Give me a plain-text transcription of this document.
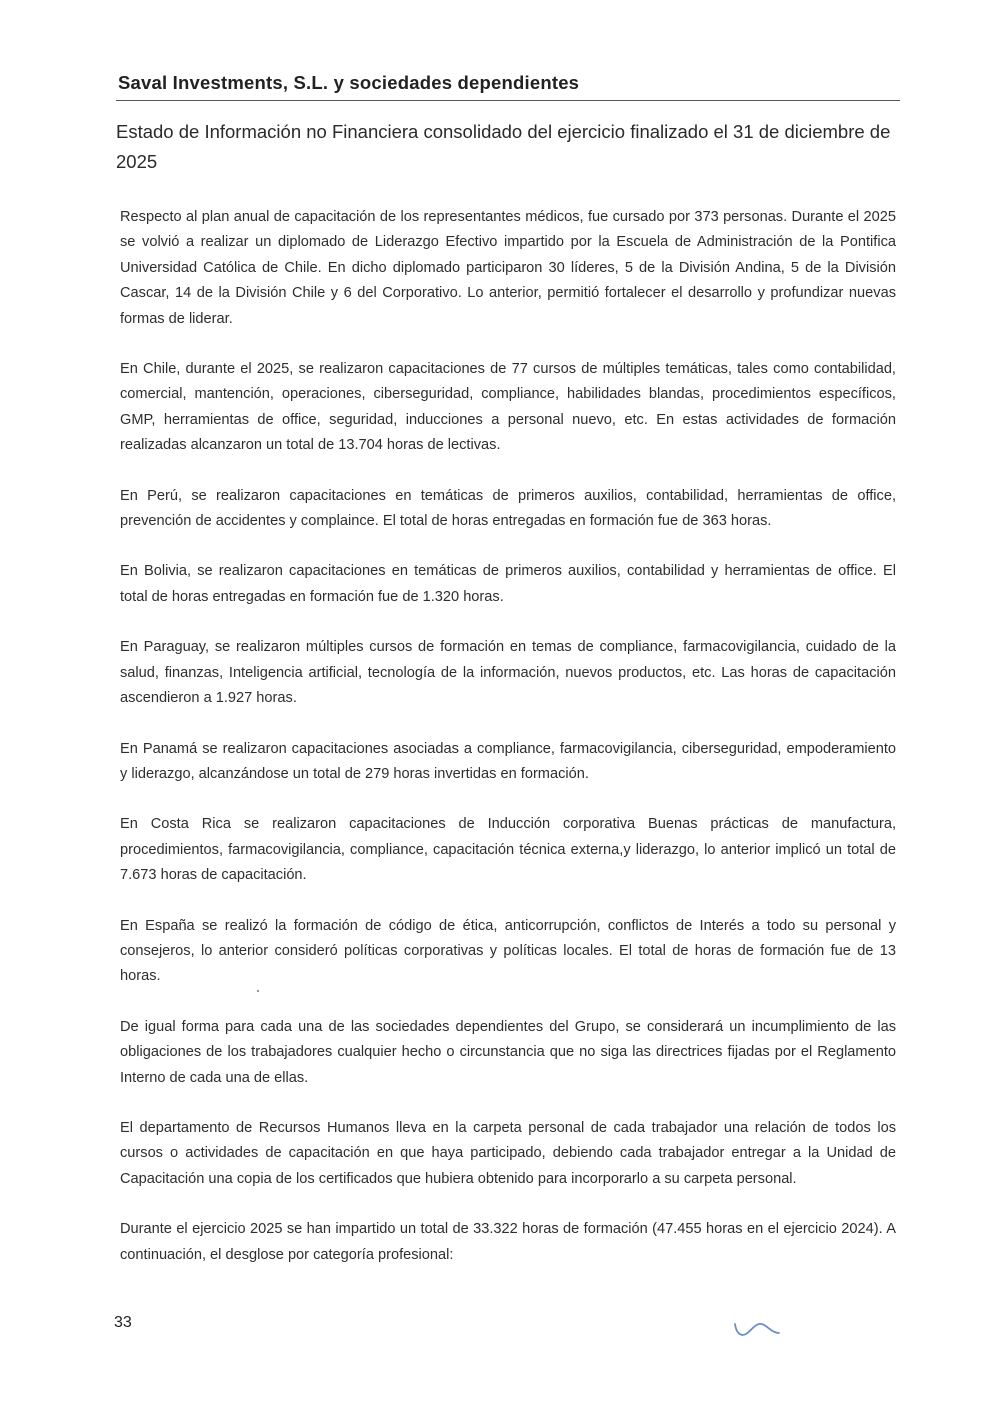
Saval Investments, S.L. y sociedades dependientes
Estado de Información no Financiera consolidado del ejercicio finalizado el 31 de diciembre de 2025

Respecto al plan anual de capacitación de los representantes médicos, fue cursado por 373 personas. Durante el 2025 se volvió a realizar un diplomado de Liderazgo Efectivo impartido por la Escuela de Administración de la Pontifica Universidad Católica de Chile. En dicho diplomado participaron 30 líderes, 5 de la División Andina, 5 de la División Cascar, 14 de la División Chile y 6 del Corporativo. Lo anterior, permitió fortalecer el desarrollo y profundizar nuevas formas de liderar.

En Chile, durante el 2025, se realizaron capacitaciones de 77 cursos de múltiples temáticas, tales como contabilidad, comercial, mantención, operaciones, ciberseguridad, compliance, habilidades blandas, procedimientos específicos, GMP, herramientas de office, seguridad, inducciones a personal nuevo, etc. En estas actividades de formación realizadas alcanzaron un total de 13.704 horas de lectivas.

En Perú, se realizaron capacitaciones en temáticas de primeros auxilios, contabilidad, herramientas de office, prevención de accidentes y complaince. El total de horas entregadas en formación fue de 363 horas.

En Bolivia, se realizaron capacitaciones en temáticas de primeros auxilios, contabilidad y herramientas de office. El total de horas entregadas en formación fue de 1.320 horas.

En Paraguay, se realizaron múltiples cursos de formación en temas de compliance, farmacovigilancia, cuidado de la salud, finanzas, Inteligencia artificial, tecnología de la información, nuevos productos, etc. Las horas de capacitación ascendieron a 1.927 horas.

En Panamá se realizaron capacitaciones asociadas a compliance, farmacovigilancia, ciberseguridad, empoderamiento y liderazgo, alcanzándose un total de 279 horas invertidas en formación.

En Costa Rica se realizaron capacitaciones de Inducción corporativa Buenas prácticas de manufactura, procedimientos, farmacovigilancia, compliance, capacitación técnica externa,y liderazgo, lo anterior implicó un total de 7.673 horas de capacitación.

En España se realizó la formación de código de ética, anticorrupción, conflictos de Interés a todo su personal y consejeros, lo anterior consideró políticas corporativas y políticas locales. El total de horas de formación fue de 13 horas.

De igual forma para cada una de las sociedades dependientes del Grupo, se considerará un incumplimiento de las obligaciones de los trabajadores cualquier hecho o circunstancia que no siga las directrices fijadas por el Reglamento Interno de cada una de ellas.

El departamento de Recursos Humanos lleva en la carpeta personal de cada trabajador una relación de todos los cursos o actividades de capacitación en que haya participado, debiendo cada trabajador entregar a la Unidad de Capacitación una copia de los certificados que hubiera obtenido para incorporarlo a su carpeta personal.

Durante el ejercicio 2025 se han impartido un total de 33.322 horas de formación (47.455 horas en el ejercicio 2024). A continuación, el desglose por categoría profesional:

33
